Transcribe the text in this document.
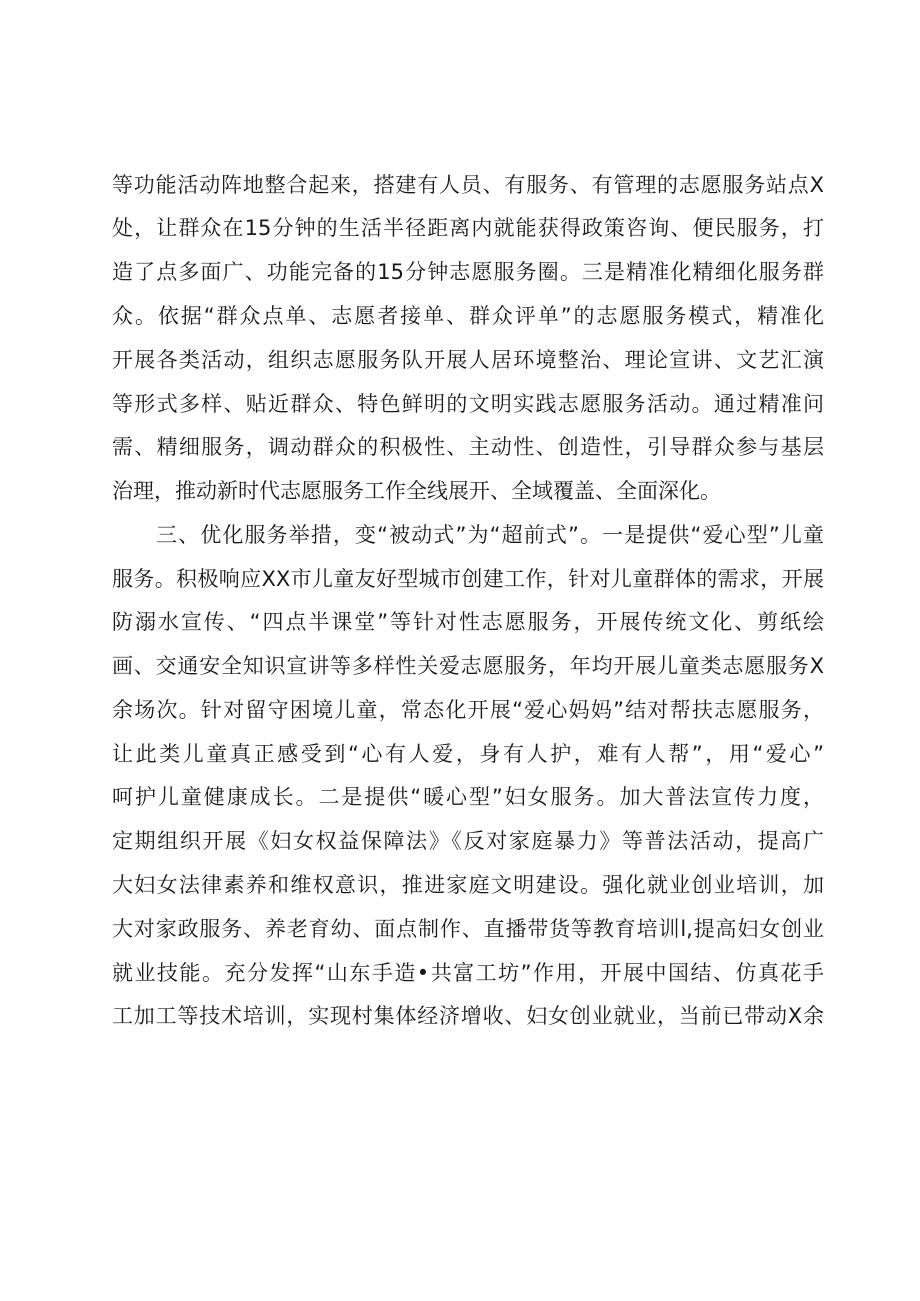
等功能活动阵地整合起来，搭建有人员、有服务、有管理的志愿服务站点X
处，让群众在15分钟的生活半径距离内就能获得政策咨询、便民服务，打
造了点多面广、功能完备的15分钟志愿服务圈。三是精准化精细化服务群
众。依据“群众点单、志愿者接单、群众评单”的志愿服务模式，精准化
开展各类活动，组织志愿服务队开展人居环境整治、理论宣讲、文艺汇演
等形式多样、贴近群众、特色鲜明的文明实践志愿服务活动。通过精准问
需、精细服务，调动群众的积极性、主动性、创造性，引导群众参与基层
治理，推动新时代志愿服务工作全线展开、全域覆盖、全面深化。
三、优化服务举措，变“被动式”为“超前式”。一是提供“爱心型”儿童
服务。积极响应XX市儿童友好型城市创建工作，针对儿童群体的需求，开展
防溺水宣传、“四点半课堂”等针对性志愿服务，开展传统文化、剪纸绘
画、交通安全知识宣讲等多样性关爱志愿服务，年均开展儿童类志愿服务X
余场次。针对留守困境儿童，常态化开展“爱心妈妈”结对帮扶志愿服务，
让此类儿童真正感受到“心有人爱，身有人护，难有人帮”，用“爱心”
呵护儿童健康成长。二是提供“暖心型”妇女服务。加大普法宣传力度，
定期组织开展《妇女权益保障法》《反对家庭暴力》等普法活动，提高广
大妇女法律素养和维权意识，推进家庭文明建设。强化就业创业培训，加
大对家政服务、养老育幼、面点制作、直播带货等教育培训l,提高妇女创业
就业技能。充分发挥“山东手造•共富工坊”作用，开展中国结、仿真花手
工加工等技术培训，实现村集体经济增收、妇女创业就业，当前已带动X余
